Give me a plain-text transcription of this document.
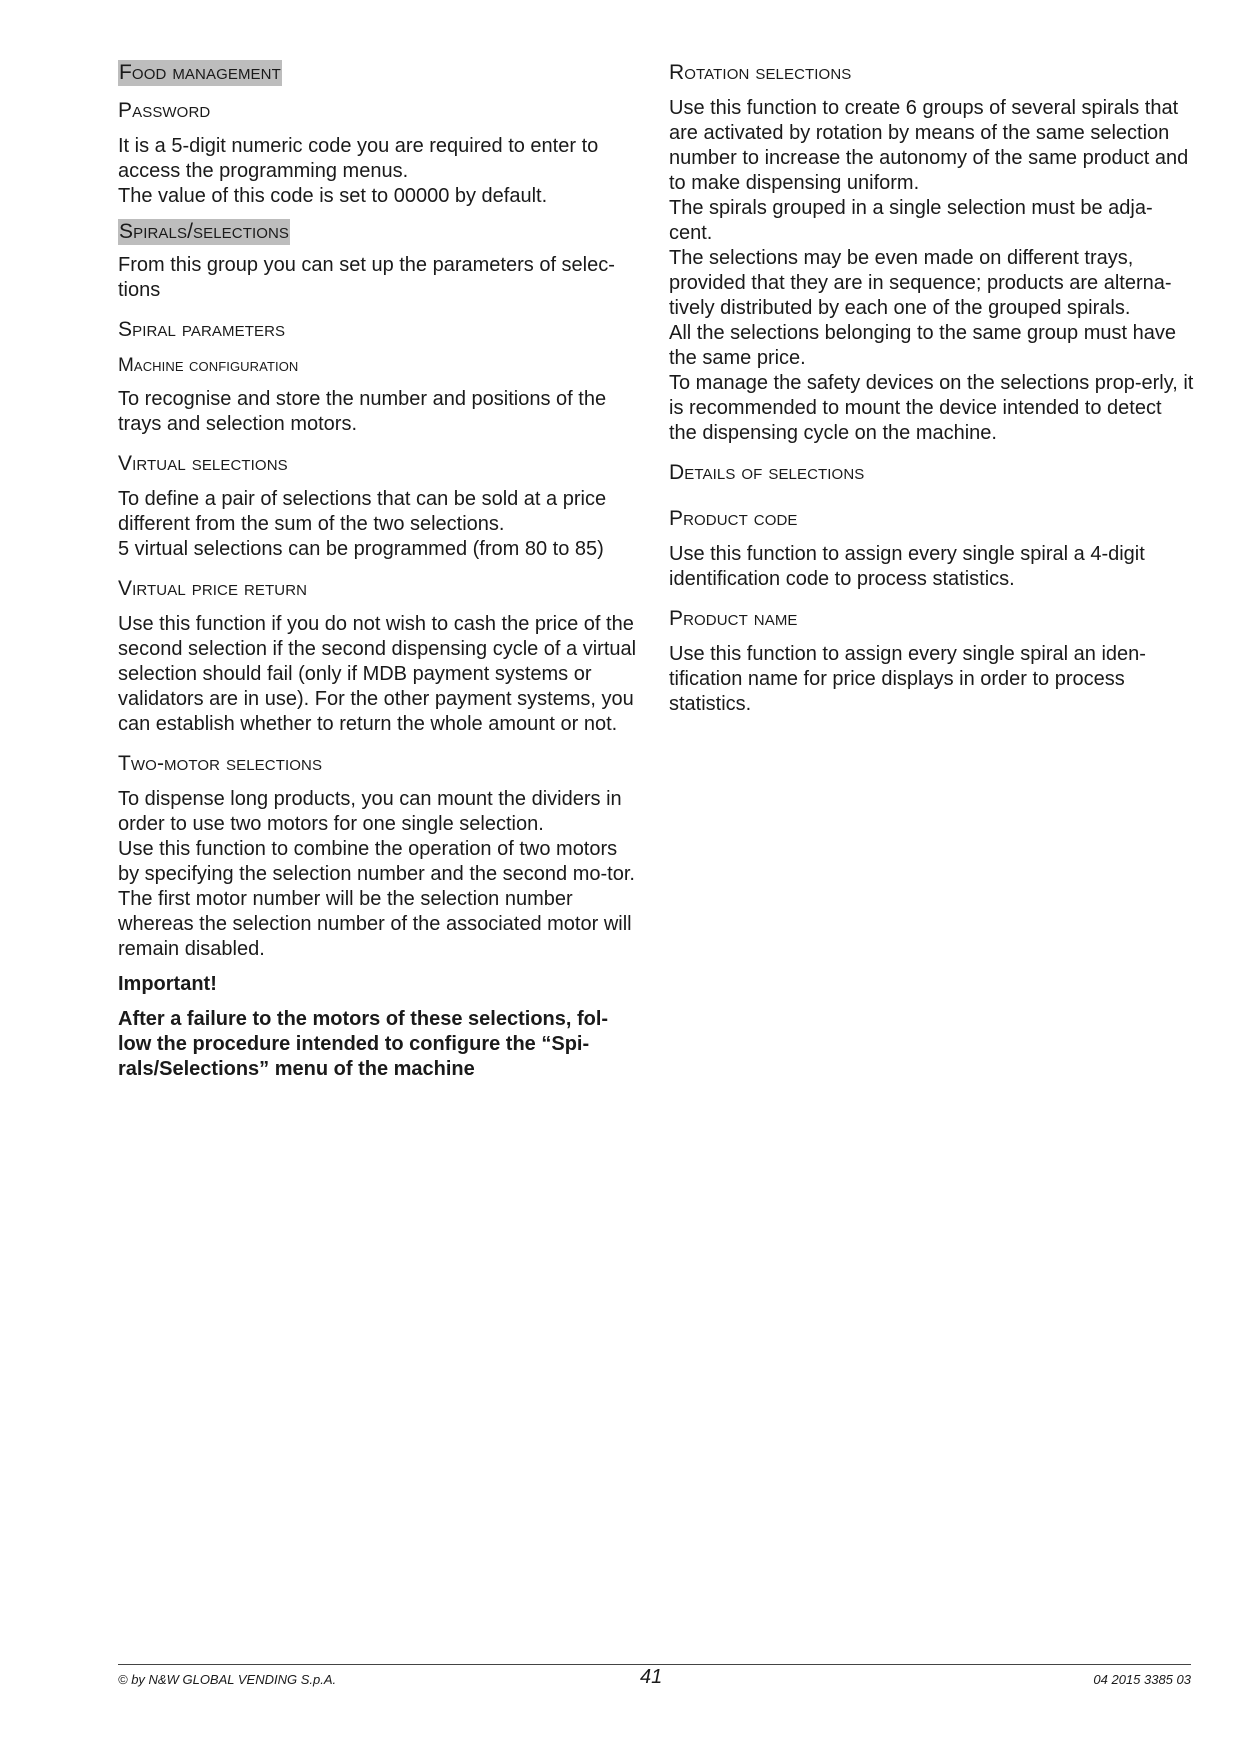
Food management
Password

It is a 5-digit numeric code you are required to enter to access the programming menus.

The value of this code is set to 00000 by default.

Spirals/selections

From this group you can set up the parameters of selec-tions

Spiral parameters
Machine configuration

To recognise and store the number and positions of the trays and selection motors.

Virtual selections

To define a pair of selections that can be sold at a price different from the sum of the two selections.

5 virtual selections can be programmed (from 80 to 85)

Virtual price return

Use this function if you do not wish to cash the price of the second selection if the second dispensing cycle of a virtual selection should fail (only if MDB payment systems or validators are in use). For the other payment systems, you can establish whether to return the whole amount or not.

Two-motor selections

To dispense long products, you can mount the dividers in order to use two motors for one single selection.

Use this function to combine the operation of two motors by specifying the selection number and the second mo-tor.

The first motor number will be the selection number whereas the selection number of the associated motor will remain disabled.

Important!

After a failure to the motors of these selections, fol-low the procedure intended to configure the “Spi-rals/Selections” menu of the machine

Rotation selections

Use this function to create 6 groups of several spirals that are activated by rotation by means of the same selection number to increase the autonomy of the same product and to make dispensing uniform.

The spirals grouped in a single selection must be adja-cent.

The selections may be even made on different trays, provided that they are in sequence; products are alterna-tively distributed by each one of the grouped spirals.

All the selections belonging to the same group must have the same price.

To manage the safety devices on the selections prop-erly, it is recommended to mount the device intended to detect the dispensing cycle on the machine.

Details of selections
Product code

Use this function to assign every single spiral a 4-digit identification code to process statistics.

Product name

Use this function to assign every single spiral an iden-tification name for price displays in order to process statistics.

© by N&W GLOBAL VENDING S.p.A.	41	04 2015 3385 03
